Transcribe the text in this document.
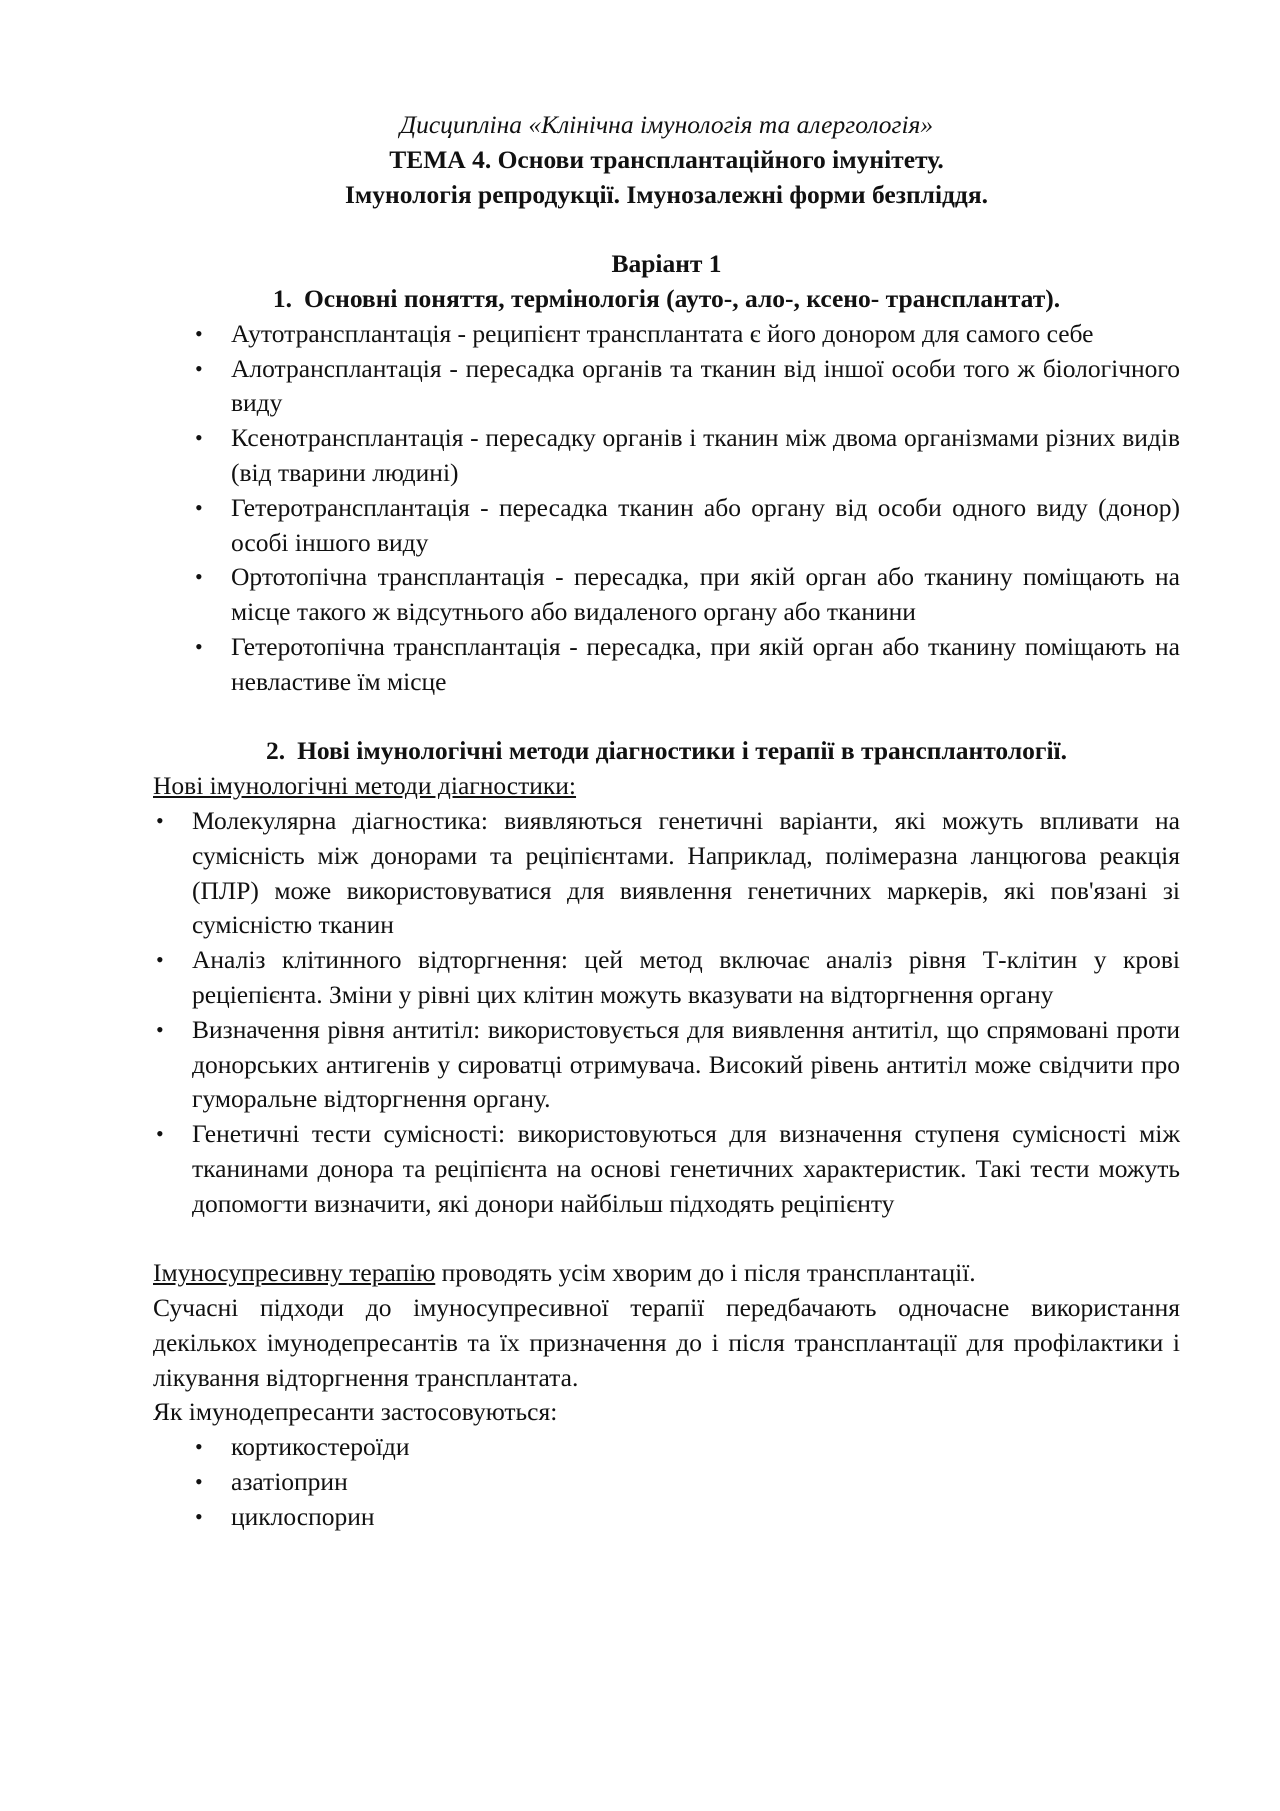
Дисципліна «Клінічна імунологія та алергологія»
ТЕМА 4. Основи трансплантаційного імунітету.
Імунологія репродукції. Імунозалежні форми безпліддя.
Варіант 1
1. Основні поняття, термінологія (ауто-, ало-, ксено- трансплантат).
• Аутотрансплантація - реципієнт трансплантата є його донором для самого себе
• Алотрансплантація - пересадка органів та тканин від іншої особи того ж біологічного виду
• Ксенотрансплантація - пересадку органів і тканин між двома організмами різних видів (від тварини людині)
• Гетеротрансплантація - пересадка тканин або органу від особи одного виду (донор) особі іншого виду
• Ортотопічна трансплантація - пересадка, при якій орган або тканину поміщають на місце такого ж відсутнього або видаленого органу або тканини
• Гетеротопічна трансплантація - пересадка, при якій орган або тканину поміщають на невластиве їм місце
2. Нові імунологічні методи діагностики і терапії в трансплантології.
Нові імунологічні методи діагностики:
• Молекулярна діагностика: виявляються генетичні варіанти, які можуть впливати на сумісність між донорами та реціпієнтами. Наприклад, полімеразна ланцюгова реакція (ПЛР) може використовуватися для виявлення генетичних маркерів, які пов'язані зі сумісністю тканин
• Аналіз клітинного відторгнення: цей метод включає аналіз рівня Т-клітин у крові реціепієнта. Зміни у рівні цих клітин можуть вказувати на відторгнення органу
• Визначення рівня антитіл: використовується для виявлення антитіл, що спрямовані проти донорських антигенів у сироватці отримувача. Високий рівень антитіл може свідчити про гуморальне відторгнення органу.
• Генетичні тести сумісності: використовуються для визначення ступеня сумісності між тканинами донора та реціпієнта на основі генетичних характеристик. Такі тести можуть допомогти визначити, які донори найбільш підходять реціпієнту
Імуносупресивну терапію проводять усім хворим до і після трансплантації.
Сучасні підходи до імуносупресивної терапії передбачають одночасне використання декількох імунодепресантів та їх призначення до і після трансплантації для профілактики і лікування відторгнення трансплантата.
Як імунодепресанти застосовуються:
• кортикостероїди
• азатіоприн
• циклоспорин
